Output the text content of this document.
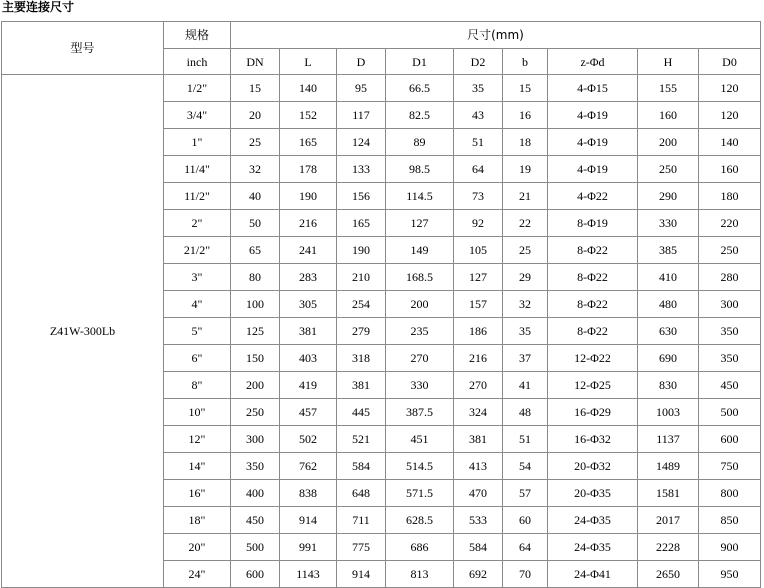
主要连接尺寸
型号	规格	尺寸(mm)								
	inch	DN	L	D	D1	D2	b	z-Φd	H	D0
Z41W-300Lb	1/2"	15	140	95	66.5	35	15	4-Φ15	155	120
	3/4"	20	152	117	82.5	43	16	4-Φ19	160	120
	1"	25	165	124	89	51	18	4-Φ19	200	140
	11/4"	32	178	133	98.5	64	19	4-Φ19	250	160
	11/2"	40	190	156	114.5	73	21	4-Φ22	290	180
	2"	50	216	165	127	92	22	8-Φ19	330	220
	21/2"	65	241	190	149	105	25	8-Φ22	385	250
	3"	80	283	210	168.5	127	29	8-Φ22	410	280
	4"	100	305	254	200	157	32	8-Φ22	480	300
	5"	125	381	279	235	186	35	8-Φ22	630	350
	6"	150	403	318	270	216	37	12-Φ22	690	350
	8"	200	419	381	330	270	41	12-Φ25	830	450
	10"	250	457	445	387.5	324	48	16-Φ29	1003	500
	12"	300	502	521	451	381	51	16-Φ32	1137	600
	14"	350	762	584	514.5	413	54	20-Φ32	1489	750
	16"	400	838	648	571.5	470	57	20-Φ35	1581	800
	18"	450	914	711	628.5	533	60	24-Φ35	2017	850
	20"	500	991	775	686	584	64	24-Φ35	2228	900
	24"	600	1143	914	813	692	70	24-Φ41	2650	950
